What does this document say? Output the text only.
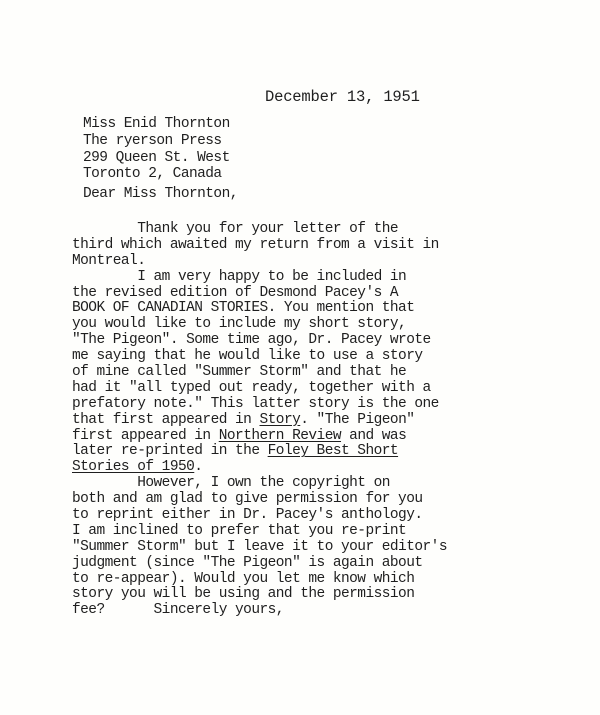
December 13, 1951
Miss Enid Thornton
The ryerson Press
299 Queen St. West
Toronto 2, Canada
Dear Miss Thornton,
Thank you for your letter of the
third which awaited my return from a visit in
Montreal.
I am very happy to be included in
the revised edition of Desmond Pacey's A
BOOK OF CANADIAN STORIES. You mention that
you would like to include my short story,
"The Pigeon". Some time ago, Dr. Pacey wrote
me saying that he would like to use a story
of mine called "Summer Storm" and that he
had it "all typed out ready, together with a
prefatory note." This latter story is the one
that first appeared in Story. "The Pigeon"
first appeared in Northern Review and was
later re-printed in the Foley Best Short
Stories of 1950.
However, I own the copyright on
both and am glad to give permission for you
to reprint either in Dr. Pacey's anthology.
I am inclined to prefer that you re-print
"Summer Storm" but I leave it to your editor's
judgment (since "The Pigeon" is again about
to re-appear). Would you let me know which
story you will be using and the permission
fee?      Sincerely yours,
